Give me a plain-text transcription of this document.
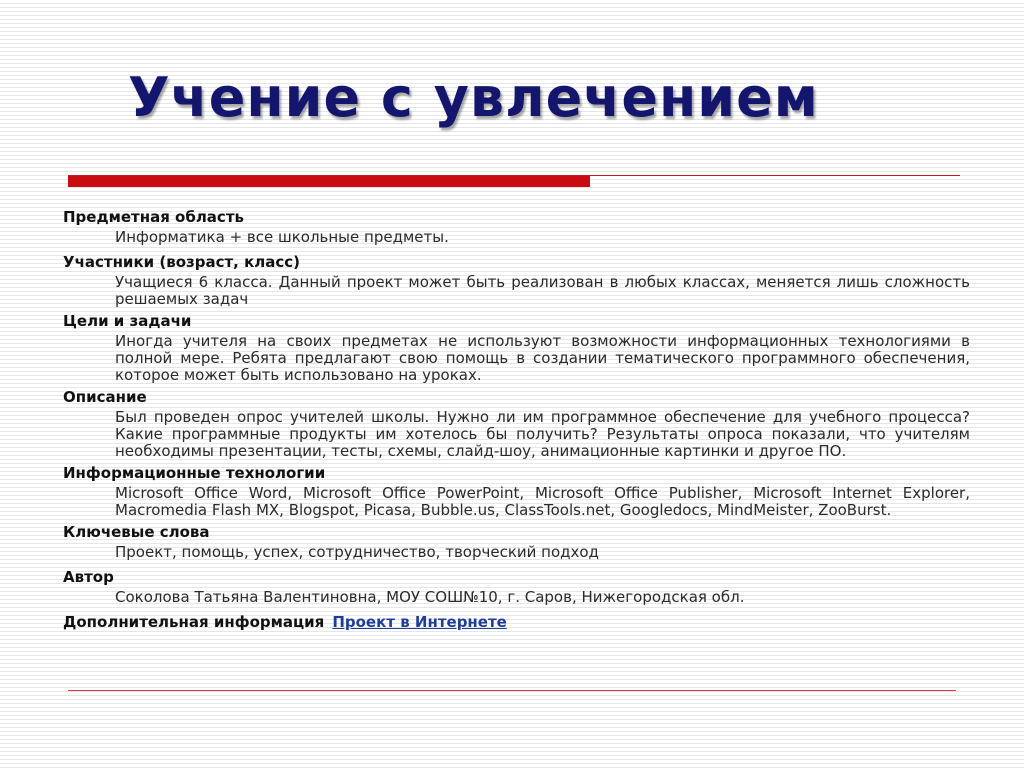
Учение с увлечением
Предметная область
Информатика + все школьные предметы.
Участники (возраст, класс)
Учащиеся 6 класса. Данный проект может быть реализован в любых классах, меняется лишь сложность решаемых задач
Цели и задачи
Иногда учителя на своих предметах не используют возможности информационных технологиями в полной мере. Ребята предлагают свою помощь в создании тематического программного обеспечения, которое может быть использовано на уроках.
Описание
Был проведен опрос учителей школы. Нужно ли им программное обеспечение для учебного процесса? Какие программные продукты им хотелось бы получить? Результаты опроса показали, что учителям необходимы презентации, тесты, схемы, слайд-шоу, анимационные картинки и другое ПО.
Информационные технологии
Microsoft Office Word, Microsoft Office PowerPoint, Microsoft Office Publisher, Microsoft Internet Explorer, Macromedia Flash MX, Blogspot, Picasa, Bubble.us, ClassTools.net, Googledocs, MindMeister, ZooBurst.
Ключевые слова
Проект, помощь, успех, сотрудничество, творческий подход
Автор
Соколова Татьяна Валентиновна, МОУ СОШ№10, г. Саров, Нижегородская обл.
Дополнительная информация Проект в Интернете
